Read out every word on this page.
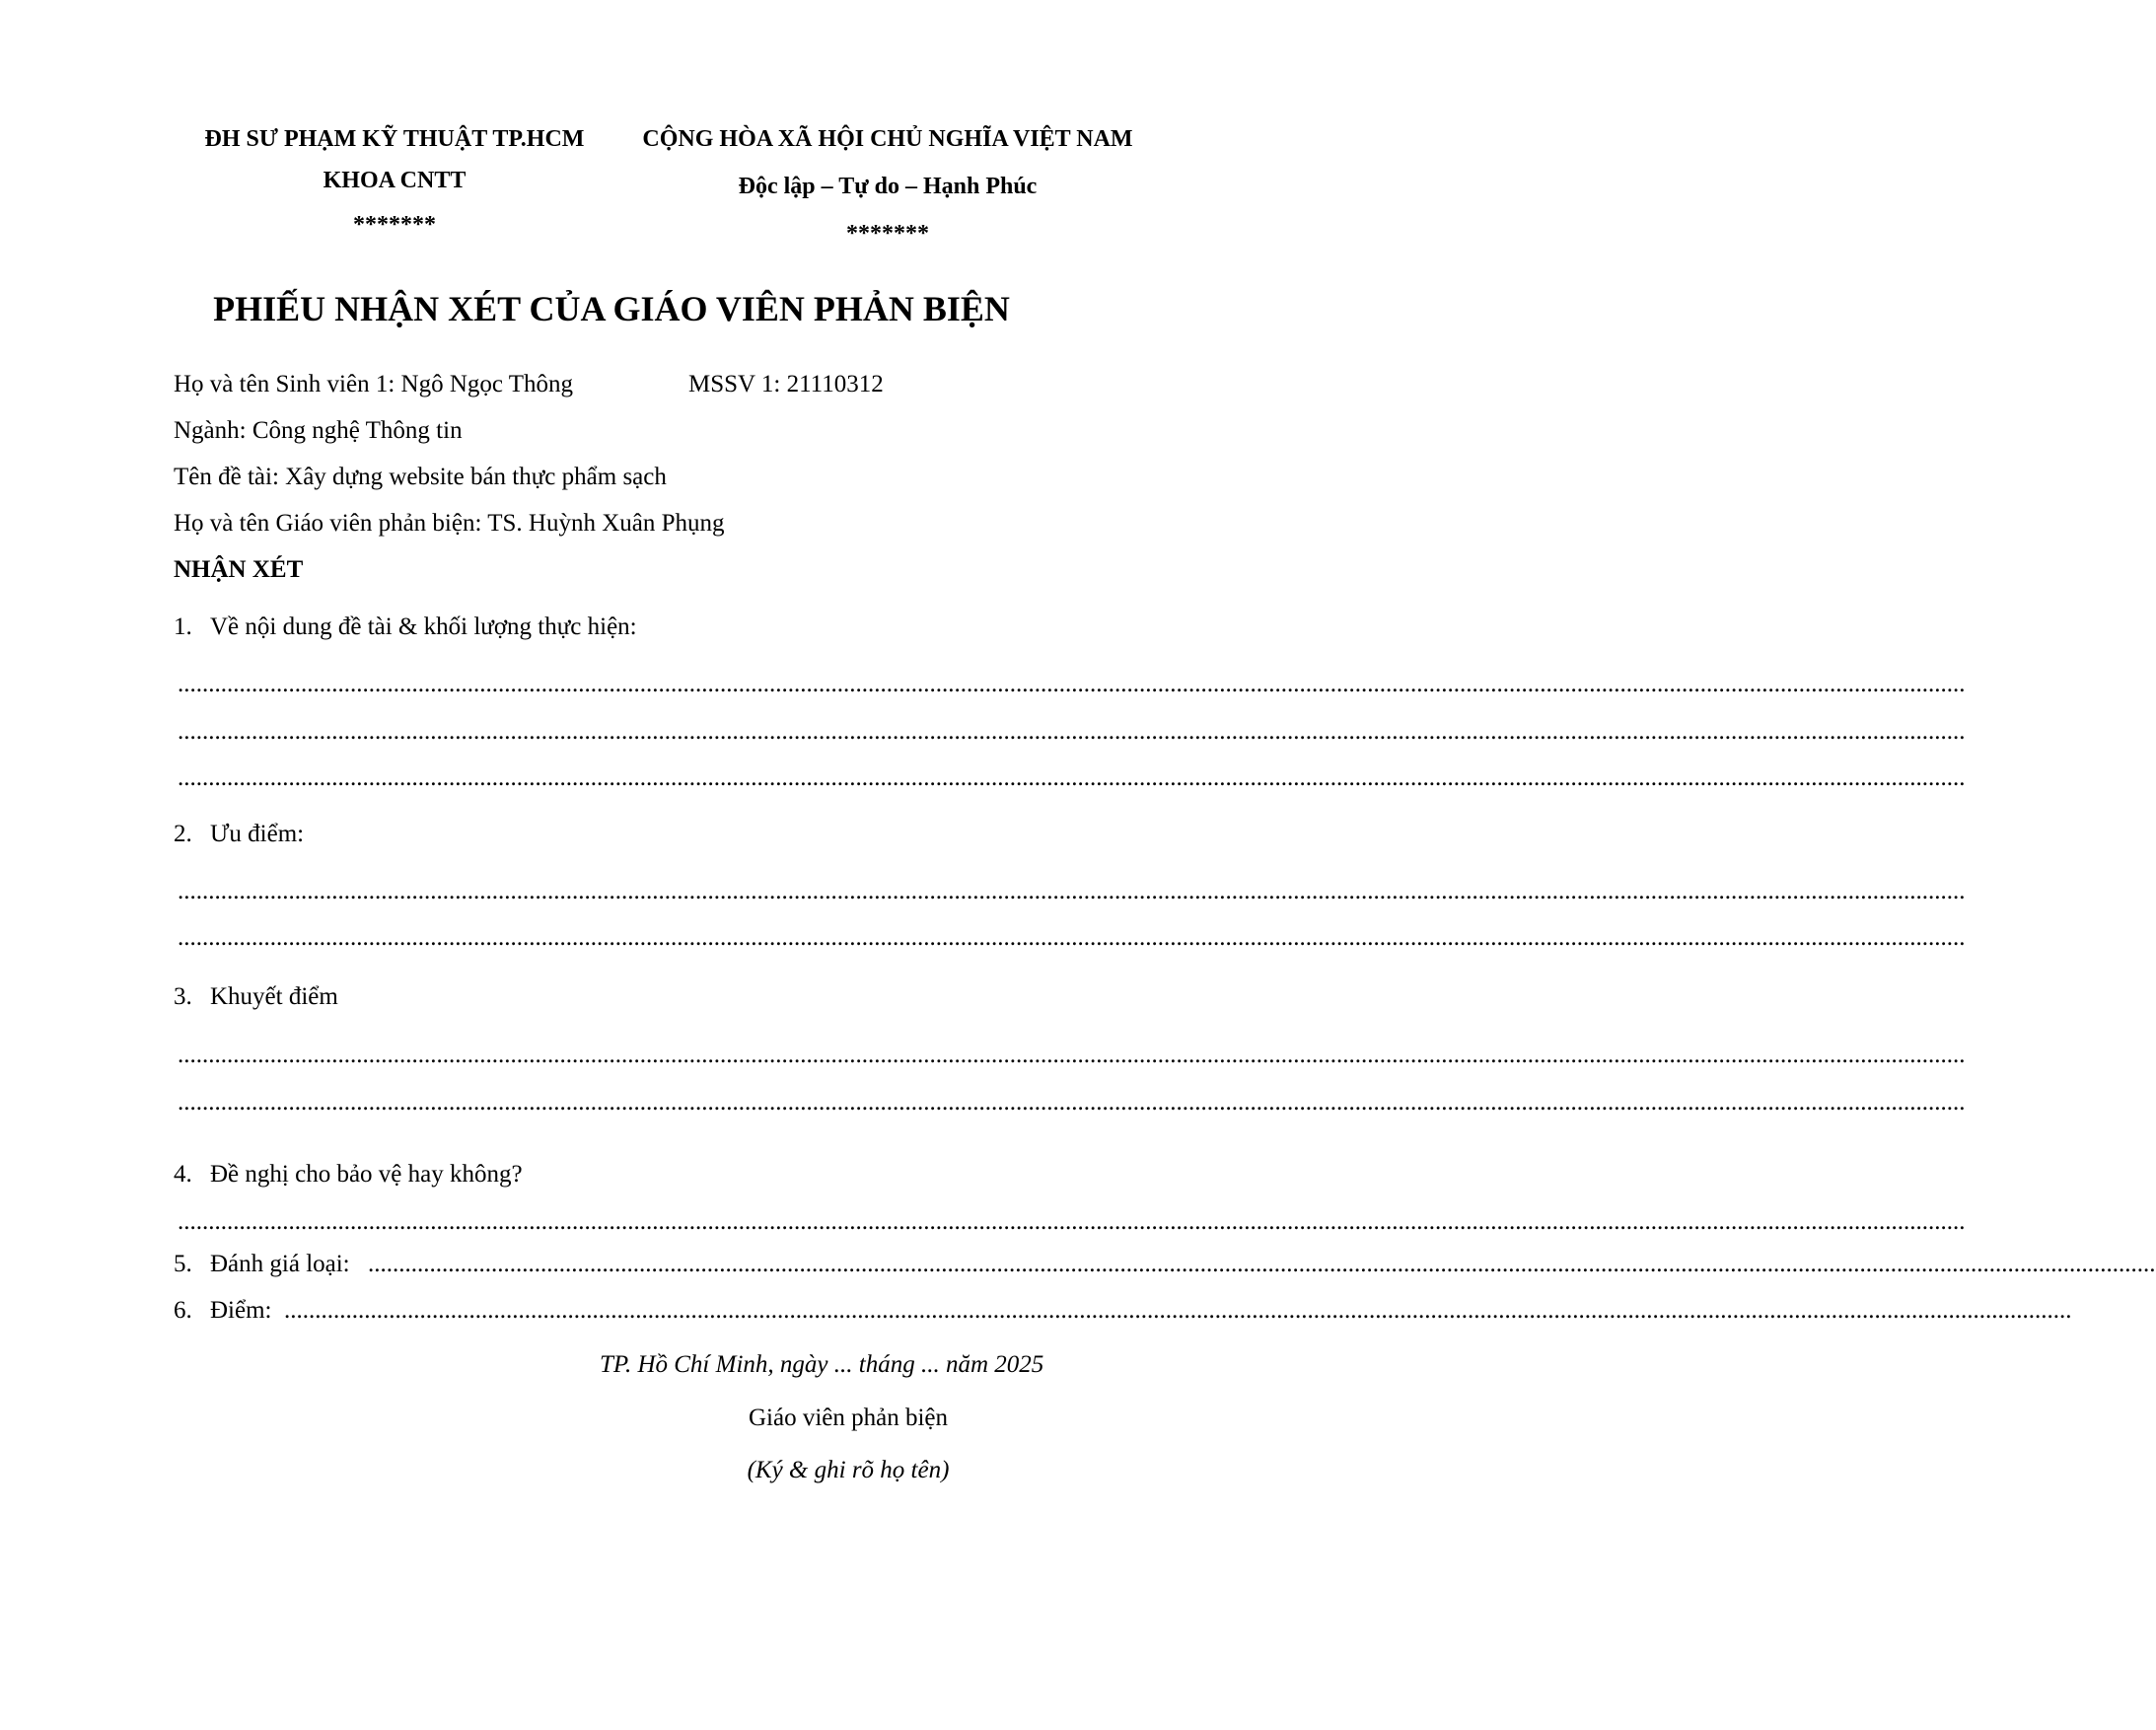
ĐH SƯ PHẠM KỸ THUẬT TP.HCM
KHOA CNTT
*******
CỘNG HÒA XÃ HỘI CHỦ NGHĨA VIỆT NAM
Độc lập – Tự do – Hạnh Phúc
*******
PHIẾU NHẬN XÉT CỦA GIÁO VIÊN PHẢN BIỆN
Họ và tên Sinh viên 1: Ngô Ngọc Thông	MSSV 1: 21110312
Ngành: Công nghệ Thông tin
Tên đề tài: Xây dựng website bán thực phẩm sạch
Họ và tên Giáo viên phản biện: TS. Huỳnh Xuân Phụng
NHẬN XÉT
1. Về nội dung đề tài & khối lượng thực hiện:
..................................................................................................................................................................................................................................................................................................
..................................................................................................................................................................................................................................................................................................
..................................................................................................................................................................................................................................................................................................
2. Ưu điểm:
..................................................................................................................................................................................................................................................................................................
..................................................................................................................................................................................................................................................................................................
3. Khuyết điểm
..................................................................................................................................................................................................................................................................................................
..................................................................................................................................................................................................................................................................................................
4. Đề nghị cho bảo vệ hay không?
..................................................................................................................................................................................................................................................................................................
5. Đánh giá loại: ..................................................................................................................................................................................................................................................................................................
6. Điểm: ..................................................................................................................................................................................................................................................................................................
TP. Hồ Chí Minh, ngày ... tháng ... năm 2025
Giáo viên phản biện
(Ký & ghi rõ họ tên)
